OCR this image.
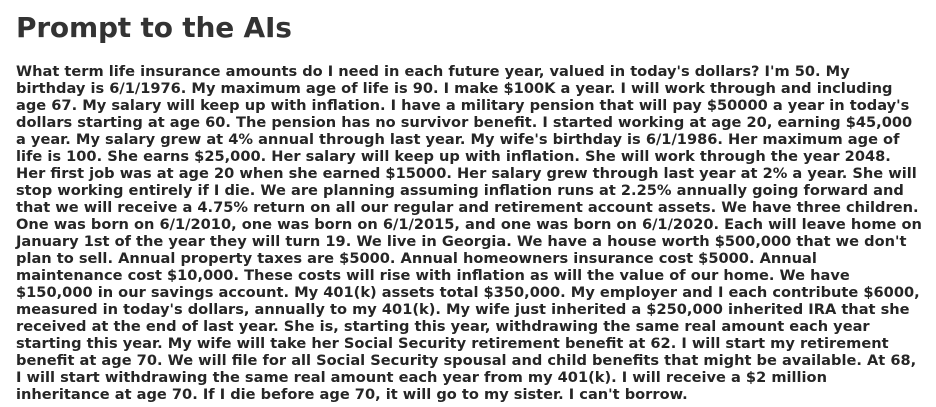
Prompt to the AIs

What term life insurance amounts do I need in each future year, valued in today's dollars? I'm 50. My birthday is 6/1/1976. My maximum age of life is 90. I make $100K a year. I will work through and including age 67. My salary will keep up with inflation. I have a military pension that will pay $50000 a year in today's dollars starting at age 60. The pension has no survivor benefit. I started working at age 20, earning $45,000 a year. My salary grew at 4% annual through last year. My wife's birthday is 6/1/1986. Her maximum age of life is 100. She earns $25,000. Her salary will keep up with inflation. She will work through the year 2048. Her first job was at age 20 when she earned $15000. Her salary grew through last year at 2% a year. She will stop working entirely if I die. We are planning assuming inflation runs at 2.25% annually going forward and that we will receive a 4.75% return on all our regular and retirement account assets. We have three children. One was born on 6/1/2010, one was born on 6/1/2015, and one was born on 6/1/2020. Each will leave home on January 1st of the year they will turn 19. We live in Georgia. We have a house worth $500,000 that we don't plan to sell. Annual property taxes are $5000. Annual homeowners insurance cost $5000. Annual maintenance cost $10,000. These costs will rise with inflation as will the value of our home. We have $150,000 in our savings account. My 401(k) assets total $350,000. My employer and I each contribute $6000, measured in today's dollars, annually to my 401(k). My wife just inherited a $250,000 inherited IRA that she received at the end of last year. She is, starting this year, withdrawing the same real amount each year starting this year. My wife will take her Social Security retirement benefit at 62. I will start my retirement benefit at age 70. We will file for all Social Security spousal and child benefits that might be available. At 68, I will start withdrawing the same real amount each year from my 401(k). I will receive a $2 million inheritance at age 70. If I die before age 70, it will go to my sister. I can't borrow.
